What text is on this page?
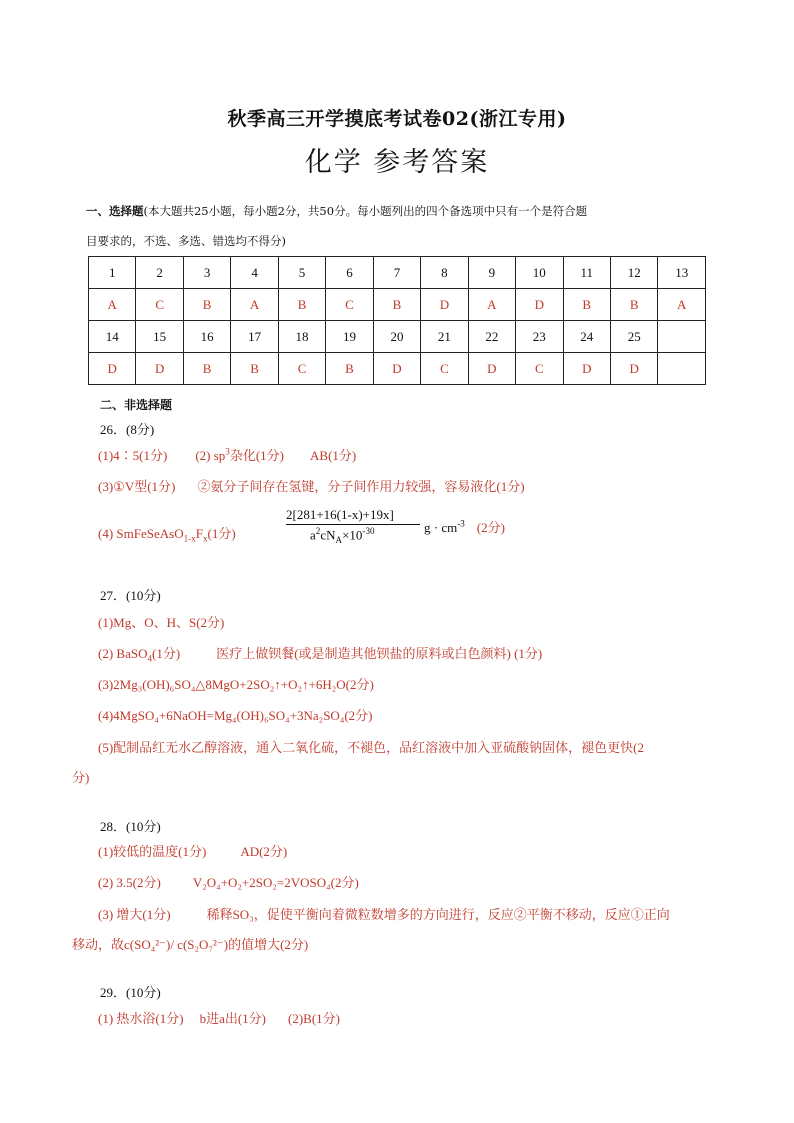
秋季高三开学摸底考试卷02(浙江专用)
化学 参考答案
一、选择题(本大题共25小题，每小题2分，共50分。每小题列出的四个备选项中只有一个是符合题
目要求的，不选、多选、错选均不得分)
1	2	3	4	5	6	7	8	9	10	11	12	13
A	C	B	A	B	C	B	D	A	D	B	B	A
14	15	16	17	18	19	20	21	22	23	24	25	
D	D	B	B	C	B	D	C	D	C	D	D	
二、非选择题
26．(8分)
(1)4∶5(1分) (2) $sp^3$杂化(1分) AB(1分)
(3)①V型(1分) ②氨分子间存在氢键，分子间作用力较强，容易液化(1分)
(4) $SmFeSeAsO_{1-x}F_x(1$分)
2[281+16(1-x)+19x]
$a^2cN_A\times 10^{-30}$	$g \cdot cm^{-3}$ (2分)
27．(10分)
(1)Mg、O、H、S(2分)
(2) BaSO$_4$(1分)	医疗上做钡餐(或是制造其他钡盐的原料或白色颜料) (1分)
(3)2Mg₃(OH)₆SO₄△8MgO+2SO₂↑+O₂↑+6H₂O(2分)
(4)4MgSO₄+6NaOH=Mg₄(OH)₆SO₄+3Na₂SO₄(2分)
(5)配制品红无水乙醇溶液，通入二氧化硫，不褪色，品红溶液中加入亚硫酸钠固体，褪色更快(2
分)
28．(10分)
(1)较低的温度(1分)	AD(2分)
(2) 3.5(2分) V₂O₄+O₂+2SO₂=2VOSO₄(2分)
(3) 增大(1分)	稀释SO₃，促使平衡向着微粒数增多的方向进行，反应②平衡不移动，反应①正向
移动，故c(SO₄²⁻)/ c(S₂O₇²⁻)的值增大(2分)
29．(10分)
(1) 热水浴(1分) b进a出(1分) (2)B(1分)
